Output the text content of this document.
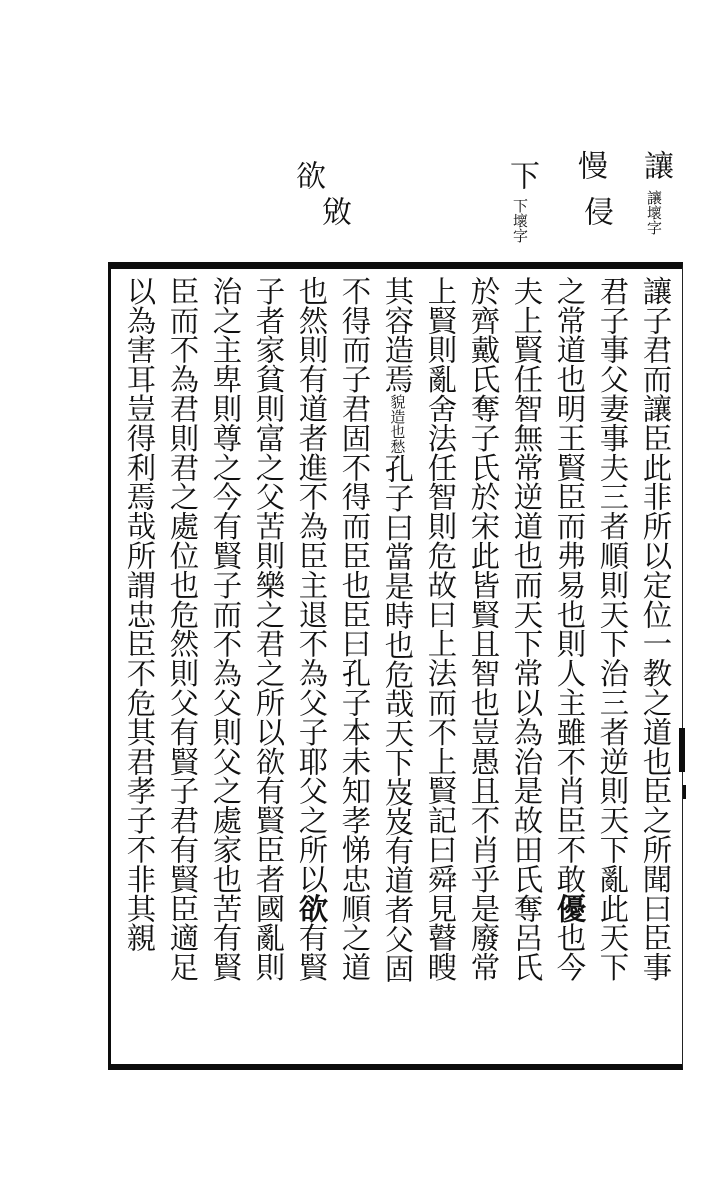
讓
讓壞字
慢
侵
下
下壞字
欲
敓
讓子君而讓臣此非所以定位一教之道也臣之所聞曰臣事
君子事父妻事夫三者順則天下治三者逆則天下亂此天下
之常道也明王賢臣而弗易也則人主雖不肖臣不敢優也今
夫上賢任智無常逆道也而天下常以為治是故田氏奪呂氏
於齊戴氏奪子氏於宋此皆賢且智也豈愚且不肖乎是廢常
上賢則亂舍法任智則危故曰上法而不上賢記曰舜見瞽瞍
其容造焉貌造也愁孔子曰當是時也危哉天下岌岌有道者父固
不得而子君固不得而臣也臣曰孔子本未知孝悌忠順之道
也然則有道者進不為臣主退不為父子耶父之所以欲有賢
子者家貧則富之父苦則樂之君之所以欲有賢臣者國亂則
治之主卑則尊之今有賢子而不為父則父之處家也苦有賢
臣而不為君則君之處位也危然則父有賢子君有賢臣適足
以為害耳豈得利焉哉所謂忠臣不危其君孝子不非其親
